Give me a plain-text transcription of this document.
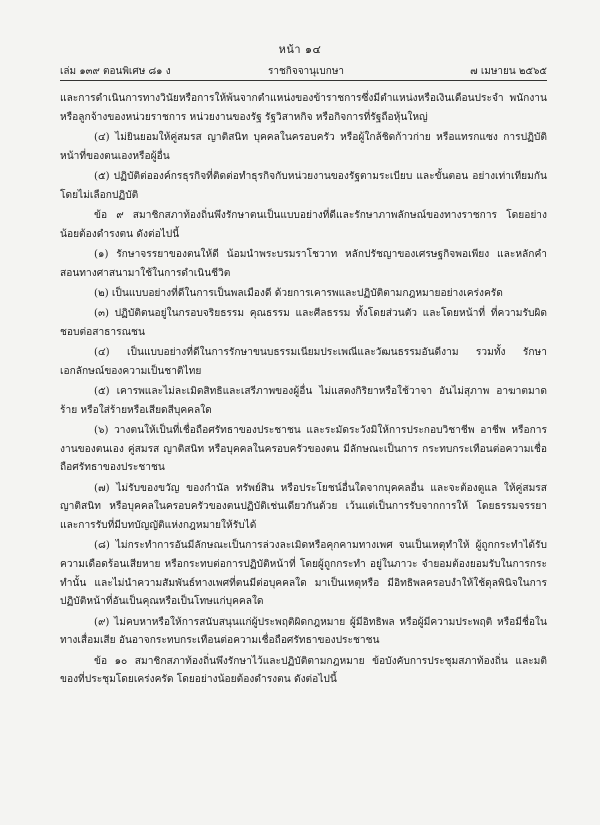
หน้า ๑๔
เล่ม ๑๓๙ ตอนพิเศษ ๘๑ ง	ราชกิจจานุเบกษา	๗ เมษายน ๒๕๖๕

และการดำเนินการทางวินัยหรือการให้พ้นจากตำแหน่งของข้าราชการซึ่งมีตำแหน่งหรือเงินเดือนประจำ พนักงาน หรือลูกจ้างของหน่วยราชการ หน่วยงานของรัฐ รัฐวิสาหกิจ หรือกิจการที่รัฐถือหุ้นใหญ่

(๔) ไม่ยินยอมให้คู่สมรส ญาติสนิท บุคคลในครอบครัว หรือผู้ใกล้ชิดก้าวก่าย หรือแทรกแซง การปฏิบัติหน้าที่ของตนเองหรือผู้อื่น

(๕) ปฏิบัติต่อองค์กรธุรกิจที่ติดต่อทำธุรกิจกับหน่วยงานของรัฐตามระเบียบ และขั้นตอน อย่างเท่าเทียมกัน โดยไม่เลือกปฏิบัติ

ข้อ ๙ สมาชิกสภาท้องถิ่นพึงรักษาตนเป็นแบบอย่างที่ดีและรักษาภาพลักษณ์ของทางราชการ โดยอย่างน้อยต้องดำรงตน ดังต่อไปนี้

(๑) รักษาจรรยาของตนให้ดี น้อมนำพระบรมราโชวาท หลักปรัชญาของเศรษฐกิจพอเพียง และหลักคำสอนทางศาสนามาใช้ในการดำเนินชีวิต

(๒) เป็นแบบอย่างที่ดีในการเป็นพลเมืองดี ด้วยการเคารพและปฏิบัติตามกฎหมายอย่างเคร่งครัด

(๓) ปฏิบัติตนอยู่ในกรอบจริยธรรม คุณธรรม และศีลธรรม ทั้งโดยส่วนตัว และโดยหน้าที่ ที่ความรับผิดชอบต่อสาธารณชน

(๔) เป็นแบบอย่างที่ดีในการรักษาขนบธรรมเนียมประเพณีและวัฒนธรรมอันดีงาม รวมทั้ง รักษาเอกลักษณ์ของความเป็นชาติไทย

(๕) เคารพและไม่ละเมิดสิทธิและเสรีภาพของผู้อื่น ไม่แสดงกิริยาหรือใช้วาจา อันไม่สุภาพ อาฆาตมาดร้าย หรือใส่ร้ายหรือเสียดสีบุคคลใด

(๖) วางตนให้เป็นที่เชื่อถือศรัทธาของประชาชน และระมัดระวังมิให้การประกอบวิชาชีพ อาชีพ หรือการงานของตนเอง คู่สมรส ญาติสนิท หรือบุคคลในครอบครัวของตน มีลักษณะเป็นการ กระทบกระเทือนต่อความเชื่อถือศรัทธาของประชาชน

(๗) ไม่รับของขวัญ ของกำนัล ทรัพย์สิน หรือประโยชน์อื่นใดจากบุคคลอื่น และจะต้องดูแล ให้คู่สมรส ญาติสนิท หรือบุคคลในครอบครัวของตนปฏิบัติเช่นเดียวกันด้วย เว้นแต่เป็นการรับจากการให้ โดยธรรมจรรยาและการรับที่มีบทบัญญัติแห่งกฎหมายให้รับได้

(๘) ไม่กระทำการอันมีลักษณะเป็นการล่วงละเมิดหรือคุกคามทางเพศ จนเป็นเหตุทำให้ ผู้ถูกกระทำได้รับความเดือดร้อนเสียหาย หรือกระทบต่อการปฏิบัติหน้าที่ โดยผู้ถูกกระทำ อยู่ในภาวะ จำยอมต้องยอมรับในการกระทำนั้น และไม่นำความสัมพันธ์ทางเพศที่ตนมีต่อบุคคลใด มาเป็นเหตุหรือ มีอิทธิพลครอบงำให้ใช้ดุลพินิจในการปฏิบัติหน้าที่อันเป็นคุณหรือเป็นโทษแก่บุคคลใด

(๙) ไม่คบหาหรือให้การสนับสนุนแก่ผู้ประพฤติผิดกฎหมาย ผู้มีอิทธิพล หรือผู้มีความประพฤติ หรือมีชื่อในทางเสื่อมเสีย อันอาจกระทบกระเทือนต่อความเชื่อถือศรัทธาของประชาชน

ข้อ ๑๐ สมาชิกสภาท้องถิ่นพึงรักษาไว้และปฏิบัติตามกฎหมาย ข้อบังคับการประชุมสภาท้องถิ่น และมติของที่ประชุมโดยเคร่งครัด โดยอย่างน้อยต้องดำรงตน ดังต่อไปนี้
